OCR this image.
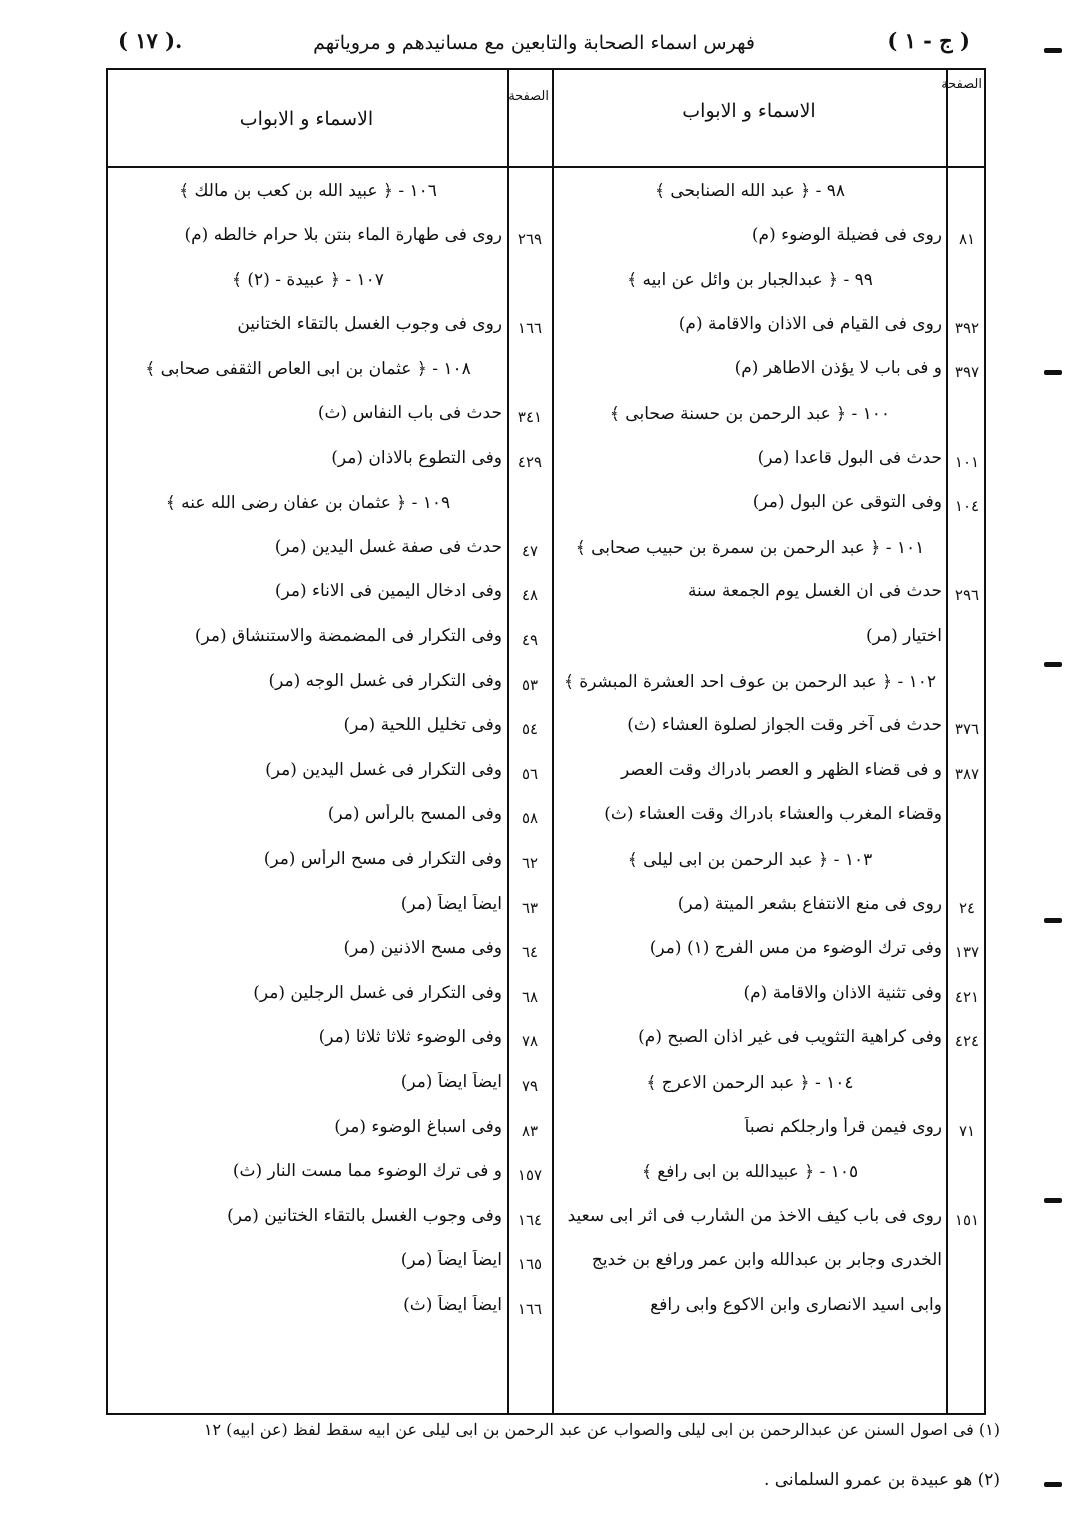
( ج - ١ )
فهرس اسماء الصحابة والتابعين مع مسانيدهم و مروياتهم
( ١٧ ).
الاسماء و الابواب
الاسماء و الابواب
الصفحة
الصفحة
٩٨ - ﴿ عبد الله الصنابحى ﴾
٨١
روى فى فضيلة الوضوء (م)
٩٩ - ﴿ عبدالجبار بن وائل عن ابيه ﴾
٣٩٢
روى فى القيام فى الاذان والاقامة (م)
٣٩٧
و فى باب لا يؤذن الاطاهر (م)
١٠٠ - ﴿ عبد الرحمن بن حسنة صحابى ﴾
١٠١
حدث فى البول قاعدا (مر)
١٠٤
وفى التوقى عن البول (مر)
١٠١ - ﴿ عبد الرحمن بن سمرة بن حبيب صحابى ﴾
٢٩٦
حدث فى ان الغسل يوم الجمعة سنة
اختيار (مر)
١٠٢ - ﴿ عبد الرحمن بن عوف احد العشرة المبشرة ﴾
٣٧٦
حدث فى آخر وقت الجواز لصلوة العشاء (ث)
٣٨٧
و فى قضاء الظهر و العصر بادراك وقت العصر
وقضاء المغرب والعشاء بادراك وقت العشاء (ث)
١٠٣ - ﴿ عبد الرحمن بن ابى ليلى ﴾
٢٤
روى فى منع الانتفاع بشعر الميتة (مر)
١٣٧
وفى ترك الوضوء من مس الفرج (١) (مر)
٤٢١
وفى تثنية الاذان والاقامة (م)
٤٢٤
وفى كراهية التثويب فى غير اذان الصبح (م)
١٠٤ - ﴿ عبد الرحمن الاعرج ﴾
٧١
روى فيمن قرأ وارجلكم نصباً
١٠٥ - ﴿ عبيدالله بن ابى رافع ﴾
١٥١
روى فى باب كيف الاخذ من الشارب فى اثر ابى سعيد
الخدرى وجابر بن عبدالله وابن عمر ورافع بن خديج
وابى اسيد الانصارى وابن الاكوع وابى رافع
١٠٦ - ﴿ عبيد الله بن كعب بن مالك ﴾
٢٦٩
روى فى طهارة الماء بنتن بلا حرام خالطه (م)
١٠٧ - ﴿ عبيدة - (٢) ﴾
١٦٦
روى فى وجوب الغسل بالتقاء الختانين
١٠٨ - ﴿ عثمان بن ابى العاص الثقفى صحابى ﴾
٣٤١
حدث فى باب النفاس (ث)
٤٢٩
وفى التطوع بالاذان (مر)
١٠٩ - ﴿ عثمان بن عفان رضى الله عنه ﴾
٤٧
حدث فى صفة غسل اليدين (مر)
٤٨
وفى ادخال اليمين فى الاناء (مر)
٤٩
وفى التكرار فى المضمضة والاستنشاق (مر)
٥٣
وفى التكرار فى غسل الوجه (مر)
٥٤
وفى تخليل اللحية (مر)
٥٦
وفى التكرار فى غسل اليدين (مر)
٥٨
وفى المسح بالرأس (مر)
٦٢
وفى التكرار فى مسح الرأس (مر)
٦٣
ايضاً ايضاً (مر)
٦٤
وفى مسح الاذنين (مر)
٦٨
وفى التكرار فى غسل الرجلين (مر)
٧٨
وفى الوضوء ثلاثا ثلاثا (مر)
٧٩
ايضاً ايضاً (مر)
٨٣
وفى اسباغ الوضوء (مر)
١٥٧
و فى ترك الوضوء مما مست النار (ث)
١٦٤
وفى وجوب الغسل بالتقاء الختانين (مر)
١٦٥
ايضاً ايضاً (مر)
١٦٦
ايضاً ايضاً (ث)
(١) فى اصول السنن عن عبدالرحمن بن ابى ليلى والصواب عن عبد الرحمن بن ابى ليلى عن ابيه سقط لفظ (عن ابيه) ١٢
(٢) هو عبيدة بن عمرو السلمانى .
